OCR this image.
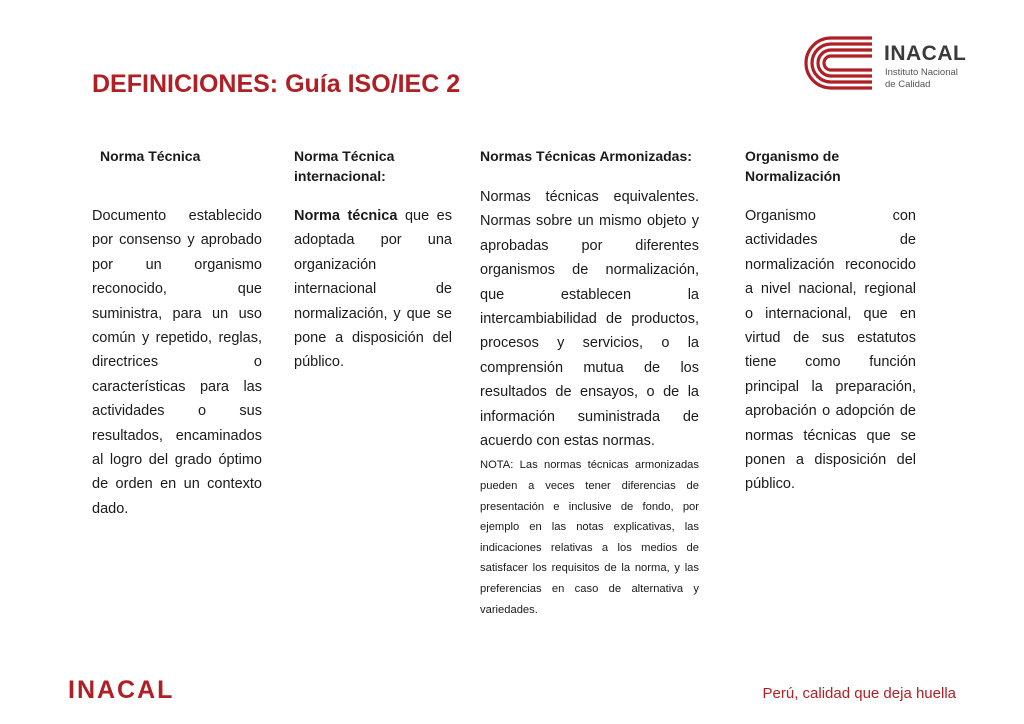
DEFINICIONES: Guía ISO/IEC 2
INACAL
Instituto Nacional
de Calidad
Norma Técnica
Documento establecido por consenso y aprobado por un organismo reconocido, que suministra, para un uso común y repetido, reglas, directrices o características para las actividades o sus resultados, encaminados al logro del grado óptimo de orden en un contexto dado.
Norma Técnica internacional:
Norma técnica que es adoptada por una organización internacional de normalización, y que se pone a disposición del público.
Normas Técnicas Armonizadas:
Normas técnicas equivalentes. Normas sobre un mismo objeto y aprobadas por diferentes organismos de normalización, que establecen la intercambiabilidad de productos, procesos y servicios, o la comprensión mutua de los resultados de ensayos, o de la información suministrada de acuerdo con estas normas.
NOTA: Las normas técnicas armonizadas pueden a veces tener diferencias de presentación e inclusive de fondo, por ejemplo en las notas explicativas, las indicaciones relativas a los medios de satisfacer los requisitos de la norma, y las preferencias en caso de alternativa y variedades.
Organismo de Normalización
Organismo con actividades de normalización reconocido a nivel nacional, regional o internacional, que en virtud de sus estatutos tiene como función principal la preparación, aprobación o adopción de normas técnicas que se ponen a disposición del público.
INACAL	Perú, calidad que deja huella
